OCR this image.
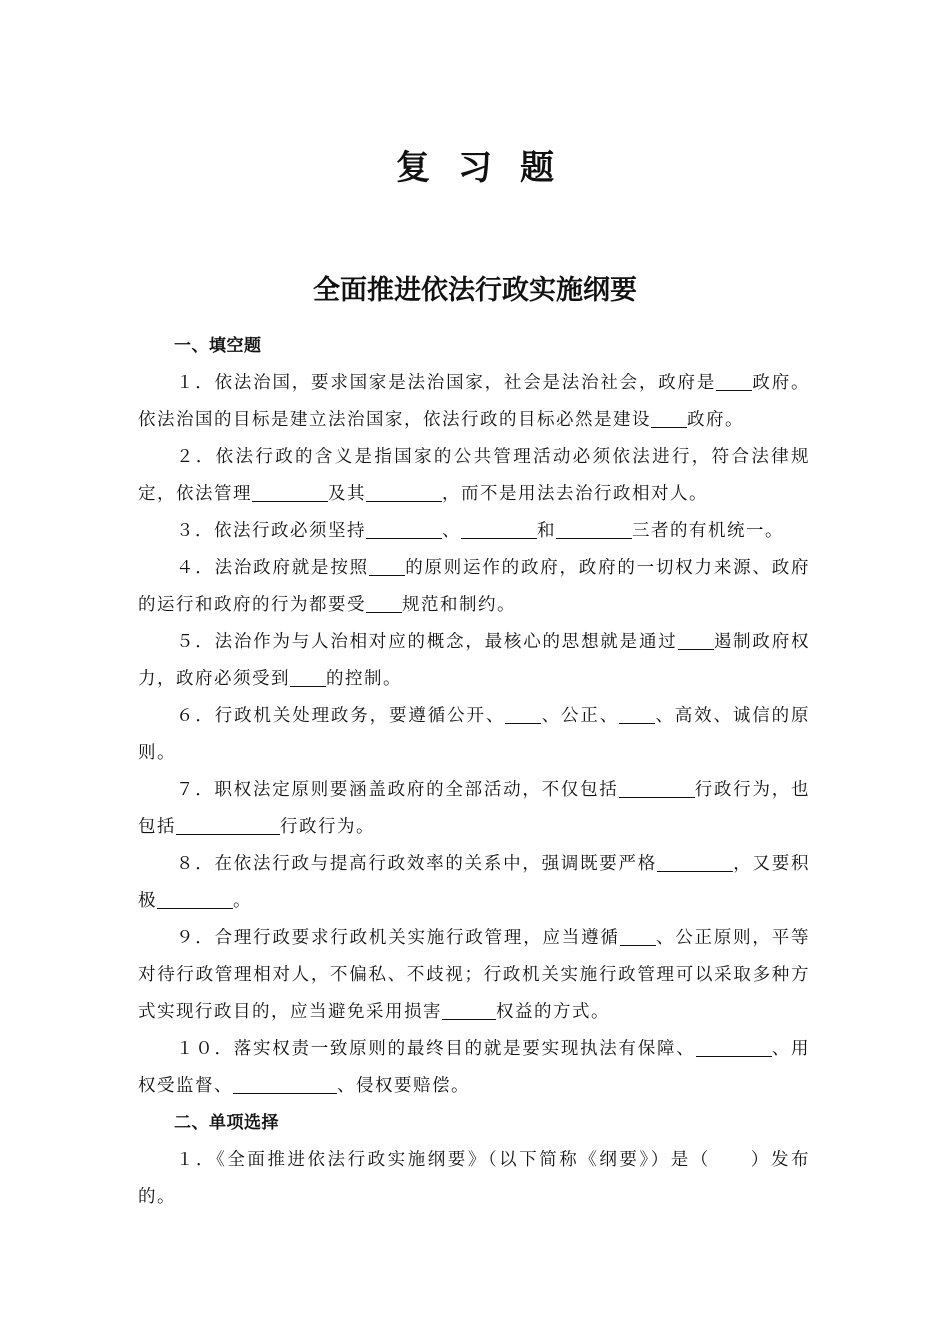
复 习 题
全面推进依法行政实施纲要
一、填空题
１．依法治国，要求国家是法治国家，社会是法治社会，政府是 政府。依法治国的目标是建立法治国家，依法行政的目标必然是建设 政府。
２．依法行政的含义是指国家的公共管理活动必须依法进行，符合法律规定，依法管理	及其	，而不是用法去治行政相对人。
３．依法行政必须坚持	、	和	三者的有机统一。
４．法治政府就是按照 的原则运作的政府，政府的一切权力来源、政府的运行和政府的行为都要受 规范和制约。
５．法治作为与人治相对应的概念，最核心的思想就是通过 遏制政府权力，政府必须受到 的控制。
６．行政机关处理政务，要遵循公开、 、公正、 、高效、诚信的原则。
７．职权法定原则要涵盖政府的全部活动，不仅包括	行政行为，也包括	行政行为。
８．在依法行政与提高行政效率的关系中，强调既要严格	，又要积极	。
９．合理行政要求行政机关实施行政管理，应当遵循 、公正原则，平等对待行政管理相对人，不偏私、不歧视；行政机关实施行政管理可以采取多种方式实现行政目的，应当避免采用损害	权益的方式。
１０．落实权责一致原则的最终目的就是要实现执法有保障、	、用权受监督、	、侵权要赔偿。
二、单项选择
１．《全面推进依法行政实施纲要》（以下简称《纲要》）是（　　）发布的。
